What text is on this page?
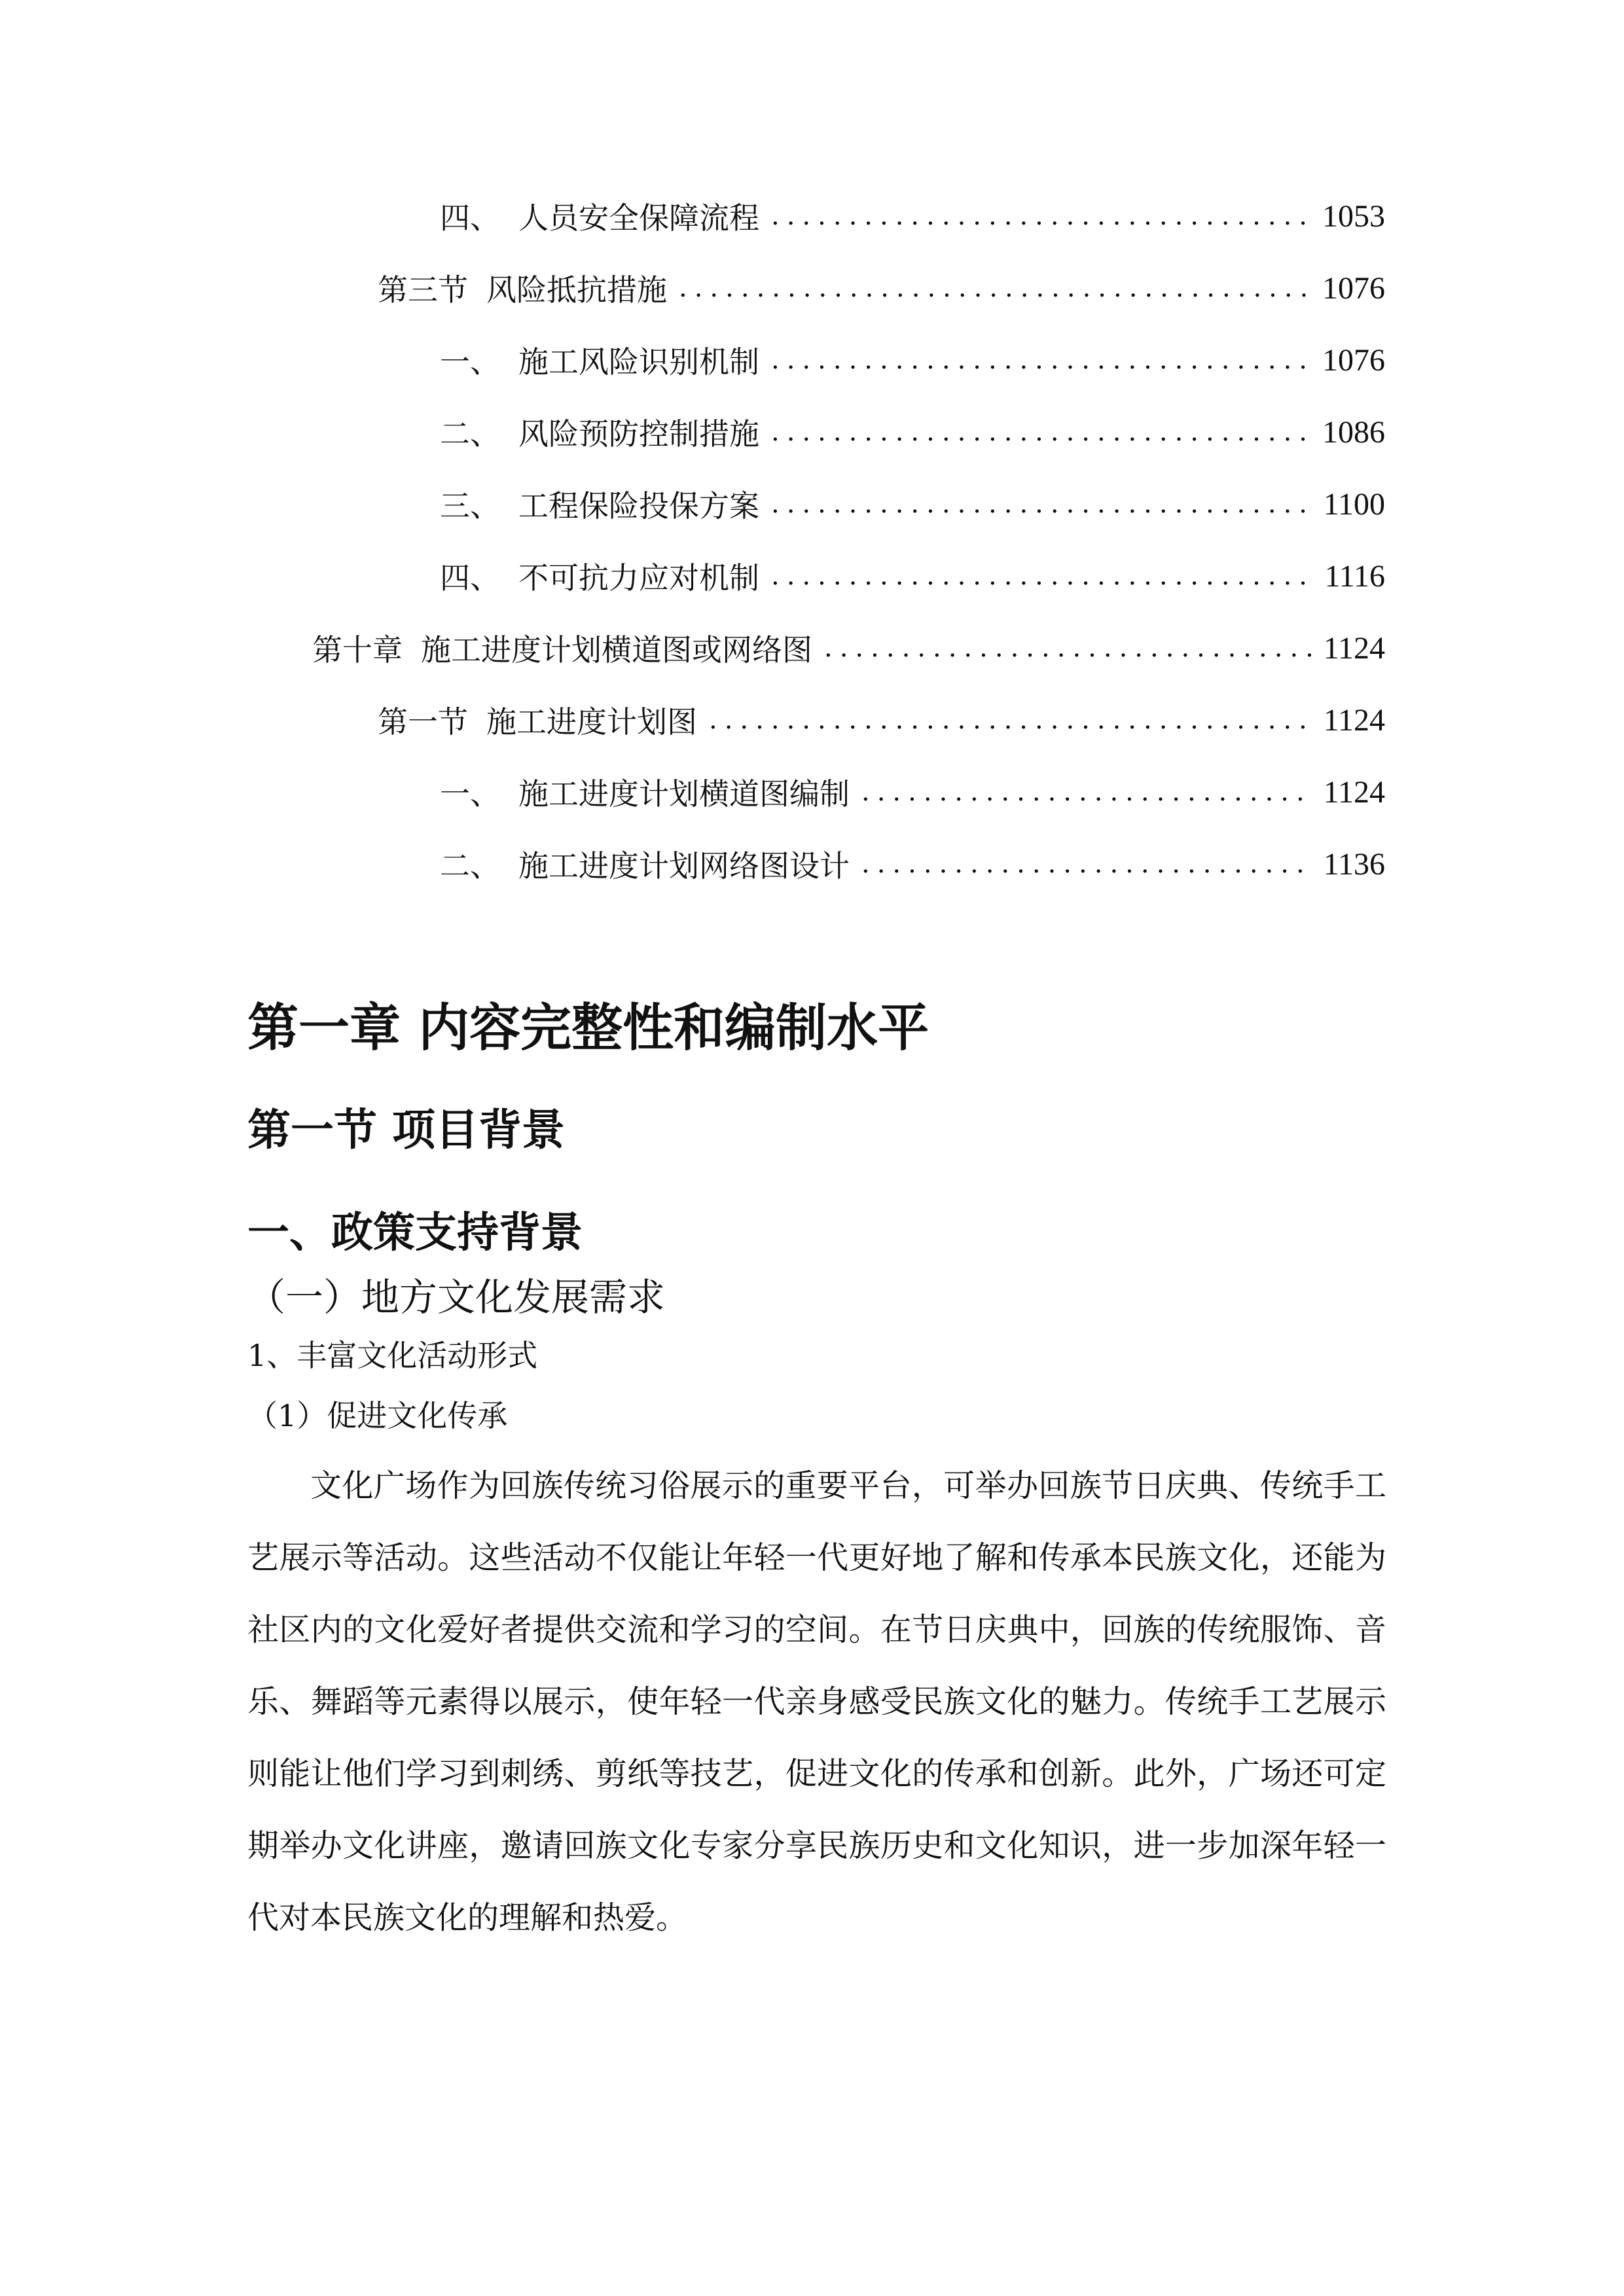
四、 人员安全保障流程 .....	1053
第三节 风险抵抗措施 .....	1076
一、 施工风险识别机制 .....	1076
二、 风险预防控制措施 .....	1086
三、 工程保险投保方案 .....	1100
四、 不可抗力应对机制 .....	1116
第十章 施工进度计划横道图或网络图 .....	1124
第一节 施工进度计划图 .....	1124
一、 施工进度计划横道图编制 .....	1124
二、 施工进度计划网络图设计 .....	1136
第一章 内容完整性和编制水平
第一节 项目背景
一、政策支持背景
（一）地方文化发展需求
1、丰富文化活动形式
（1）促进文化传承

文化广场作为回族传统习俗展示的重要平台，可举办回族节日庆典、传统手工艺展示等活动。这些活动不仅能让年轻一代更好地了解和传承本民族文化，还能为社区内的文化爱好者提供交流和学习的空间。在节日庆典中，回族的传统服饰、音乐、舞蹈等元素得以展示，使年轻一代亲身感受民族文化的魅力。传统手工艺展示则能让他们学习到刺绣、剪纸等技艺，促进文化的传承和创新。此外，广场还可定期举办文化讲座，邀请回族文化专家分享民族历史和文化知识，进一步加深年轻一代对本民族文化的理解和热爱。
